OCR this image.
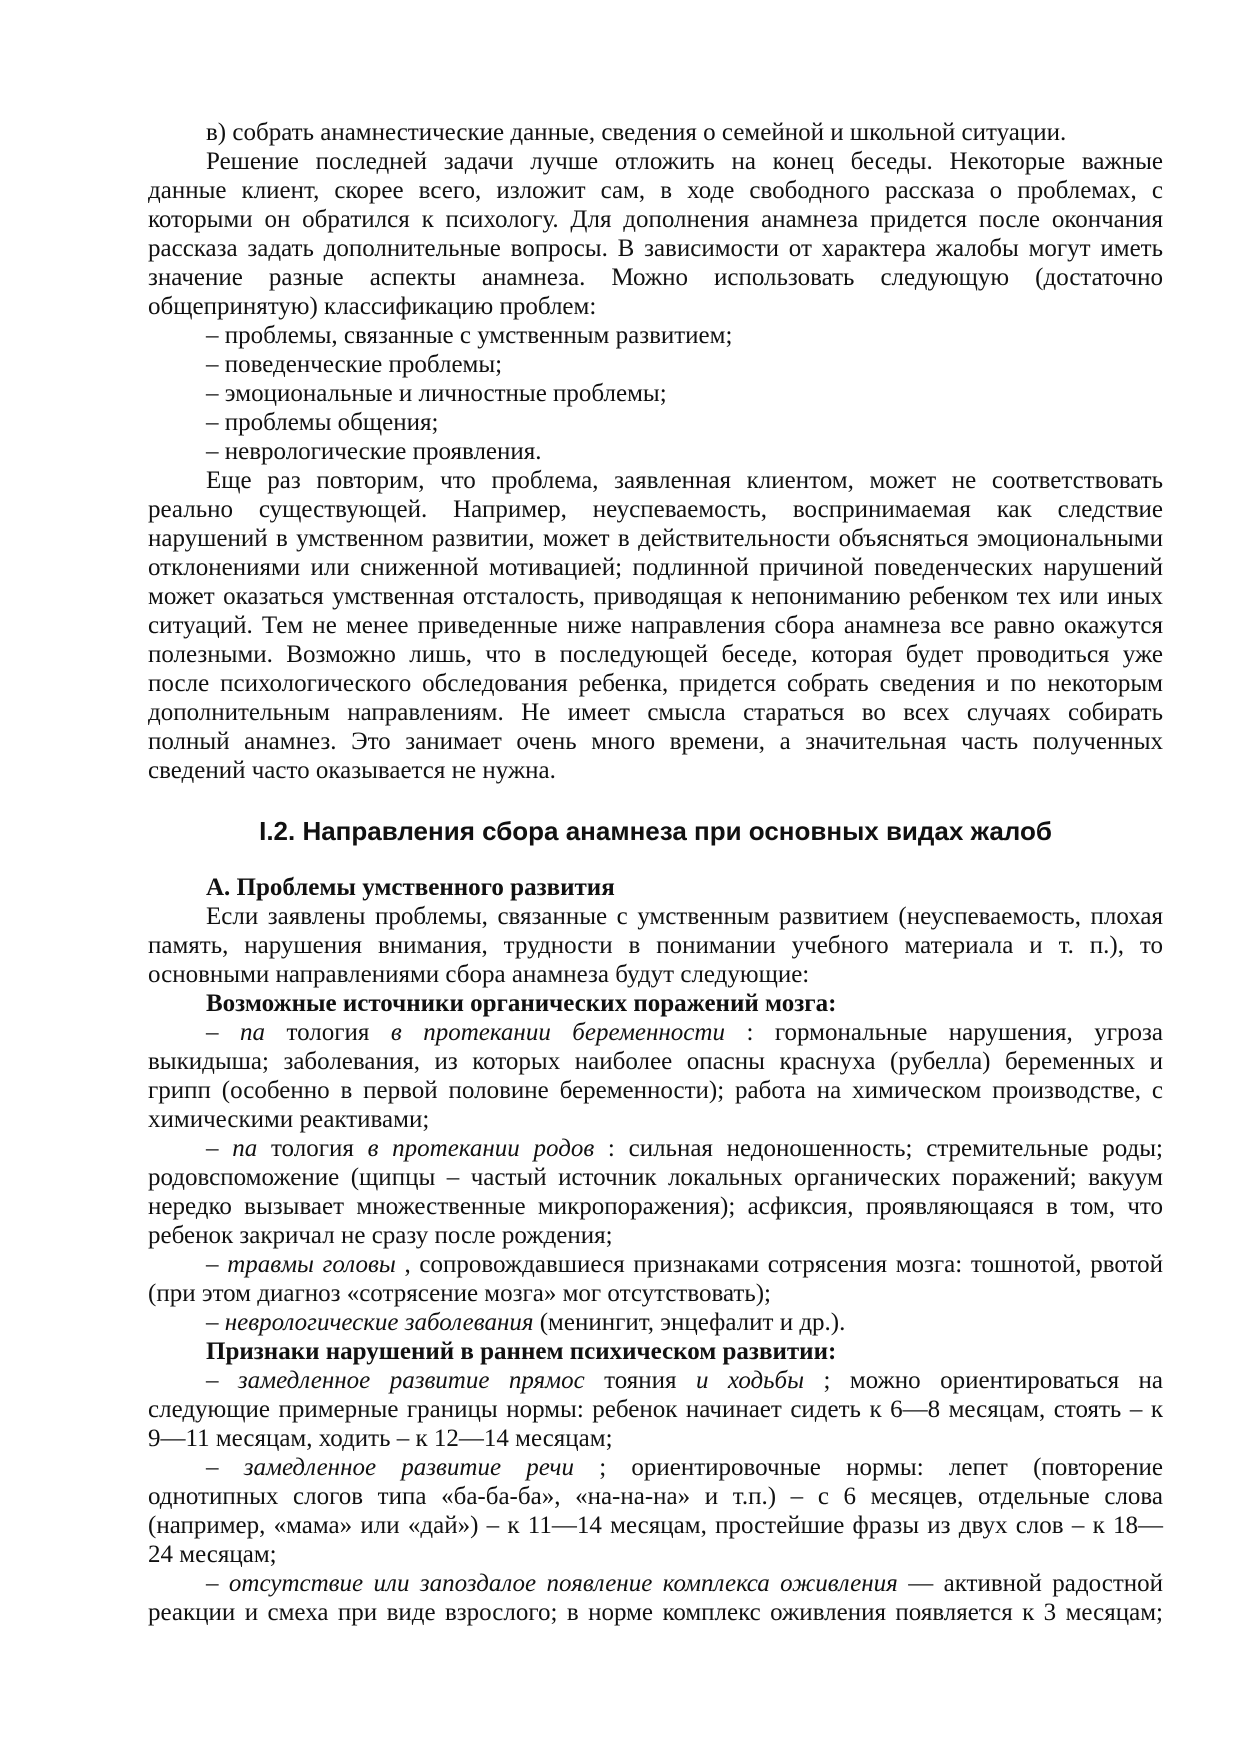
в) собрать анамнестические данные, сведения о семейной и школьной ситуации.
Решение последней задачи лучше отложить на конец беседы. Некоторые важные
данные клиент, скорее всего, изложит сам, в ходе свободного рассказа о проблемах, с
которыми он обратился к психологу. Для дополнения анамнеза придется после окончания
рассказа задать дополнительные вопросы. В зависимости от характера жалобы могут иметь
значение разные аспекты анамнеза. Можно использовать следующую (достаточно
общепринятую) классификацию проблем:
– проблемы, связанные с умственным развитием;
– поведенческие проблемы;
– эмоциональные и личностные проблемы;
– проблемы общения;
– неврологические проявления.
Еще раз повторим, что проблема, заявленная клиентом, может не соответствовать
реально существующей. Например, неуспеваемость, воспринимаемая как следствие
нарушений в умственном развитии, может в действительности объясняться эмоциональными
отклонениями или сниженной мотивацией; подлинной причиной поведенческих нарушений
может оказаться умственная отсталость, приводящая к непониманию ребенком тех или иных
ситуаций. Тем не менее приведенные ниже направления сбора анамнеза все равно окажутся
полезными. Возможно лишь, что в последующей беседе, которая будет проводиться уже
после психологического обследования ребенка, придется собрать сведения и по некоторым
дополнительным направлениям. Не имеет смысла стараться во всех случаях собирать
полный анамнез. Это занимает очень много времени, а значительная часть полученных
сведений часто оказывается не нужна.
I.2. Направления сбора анамнеза при основных видах жалоб
А. Проблемы умственного развития
Если заявлены проблемы, связанные с умственным развитием (неуспеваемость, плохая
память, нарушения внимания, трудности в понимании учебного материала и т. п.), то
основными направлениями сбора анамнеза будут следующие:
Возможные источники органических поражений мозга:
– па тология в протекании беременности : гормональные нарушения, угроза
выкидыша; заболевания, из которых наиболее опасны краснуха (рубелла) беременных и
грипп (особенно в первой половине беременности); работа на химическом производстве, с
химическими реактивами;
– па тология в протекании родов : сильная недоношенность; стремительные роды;
родовспоможение (щипцы – частый источник локальных органических поражений; вакуум
нередко вызывает множественные микропоражения); асфиксия, проявляющаяся в том, что
ребенок закричал не сразу после рождения;
– травмы головы , сопровождавшиеся признаками сотрясения мозга: тошнотой, рвотой
(при этом диагноз «сотрясение мозга» мог отсутствовать);
– неврологические заболевания (менингит, энцефалит и др.).
Признаки нарушений в раннем психическом развитии:
– замедленное развитие прямос тояния и ходьбы ; можно ориентироваться на
следующие примерные границы нормы: ребенок начинает сидеть к 6—8 месяцам, стоять – к
9—11 месяцам, ходить – к 12—14 месяцам;
– замедленное развитие речи ; ориентировочные нормы: лепет (повторение
однотипных слогов типа «ба-ба-ба», «на-на-на» и т.п.) – с 6 месяцев, отдельные слова
(например, «мама» или «дай») – к 11—14 месяцам, простейшие фразы из двух слов – к 18—
24 месяцам;
– отсутствие или запоздалое появление комплекса оживления — активной радостной
реакции и смеха при виде взрослого; в норме комплекс оживления появляется к 3 месяцам;
